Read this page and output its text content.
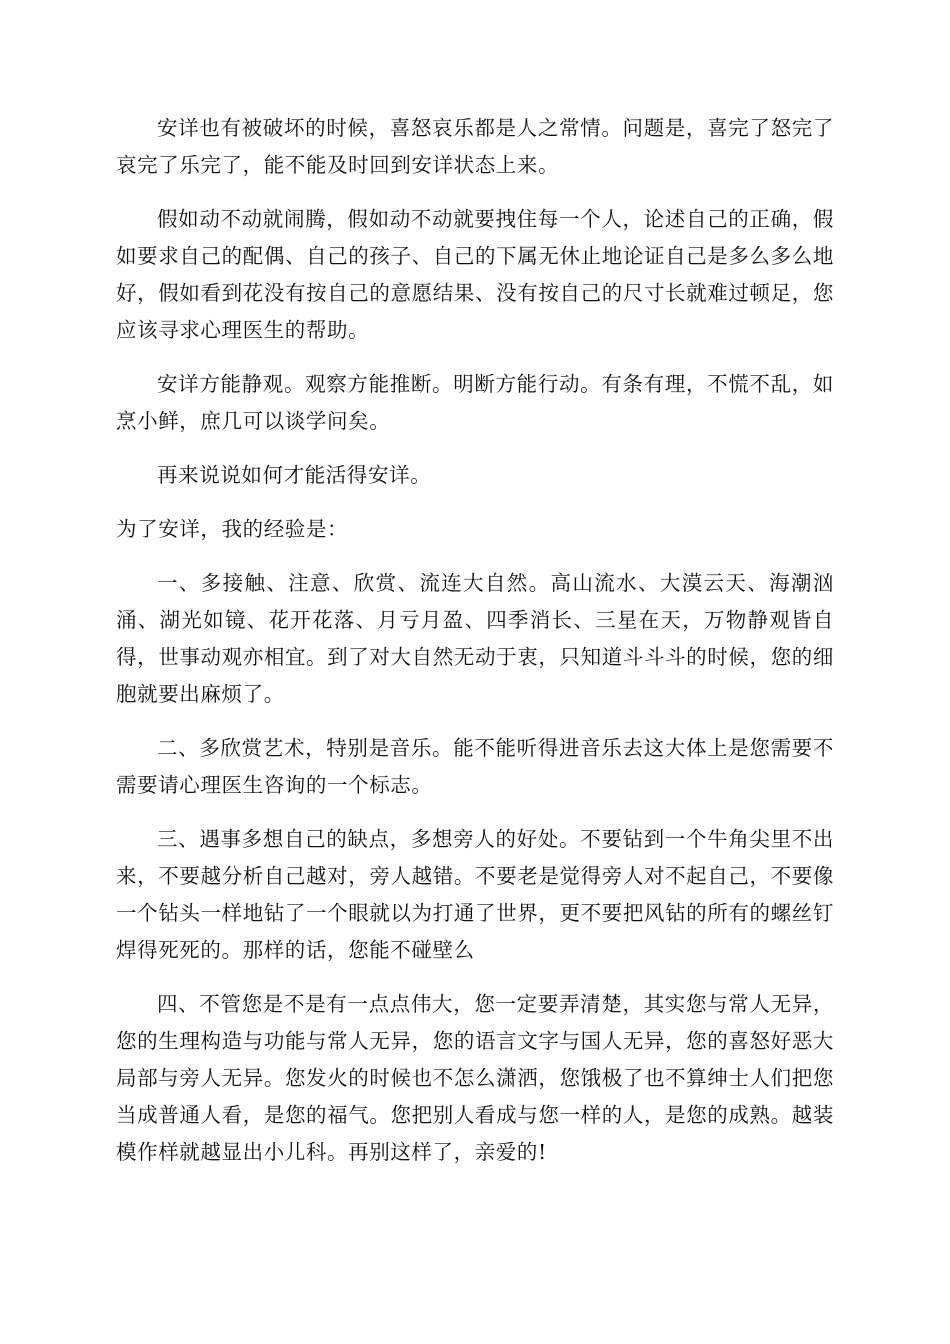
安详也有被破坏的时候，喜怒哀乐都是人之常情。问题是，喜完了怒完了哀完了乐完了，能不能及时回到安详状态上来。

假如动不动就闹腾，假如动不动就要拽住每一个人，论述自己的正确，假如要求自己的配偶、自己的孩子、自己的下属无休止地论证自己是多么多么地好，假如看到花没有按自己的意愿结果、没有按自己的尺寸长就难过顿足，您应该寻求心理医生的帮助。

安详方能静观。观察方能推断。明断方能行动。有条有理，不慌不乱，如烹小鲜，庶几可以谈学问矣。

再来说说如何才能活得安详。

为了安详，我的经验是：

一、多接触、注意、欣赏、流连大自然。高山流水、大漠云天、海潮汹涌、湖光如镜、花开花落、月亏月盈、四季消长、三星在天，万物静观皆自得，世事动观亦相宜。到了对大自然无动于衷，只知道斗斗斗的时候，您的细胞就要出麻烦了。

二、多欣赏艺术，特别是音乐。能不能听得进音乐去这大体上是您需要不需要请心理医生咨询的一个标志。

三、遇事多想自己的缺点，多想旁人的好处。不要钻到一个牛角尖里不出来，不要越分析自己越对，旁人越错。不要老是觉得旁人对不起自己，不要像一个钻头一样地钻了一个眼就以为打通了世界，更不要把风钻的所有的螺丝钉焊得死死的。那样的话，您能不碰壁么

四、不管您是不是有一点点伟大，您一定要弄清楚，其实您与常人无异，您的生理构造与功能与常人无异，您的语言文字与国人无异，您的喜怒好恶大局部与旁人无异。您发火的时候也不怎么潇洒，您饿极了也不算绅士人们把您当成普通人看，是您的福气。您把别人看成与您一样的人，是您的成熟。越装模作样就越显出小儿科。再别这样了，亲爱的!
